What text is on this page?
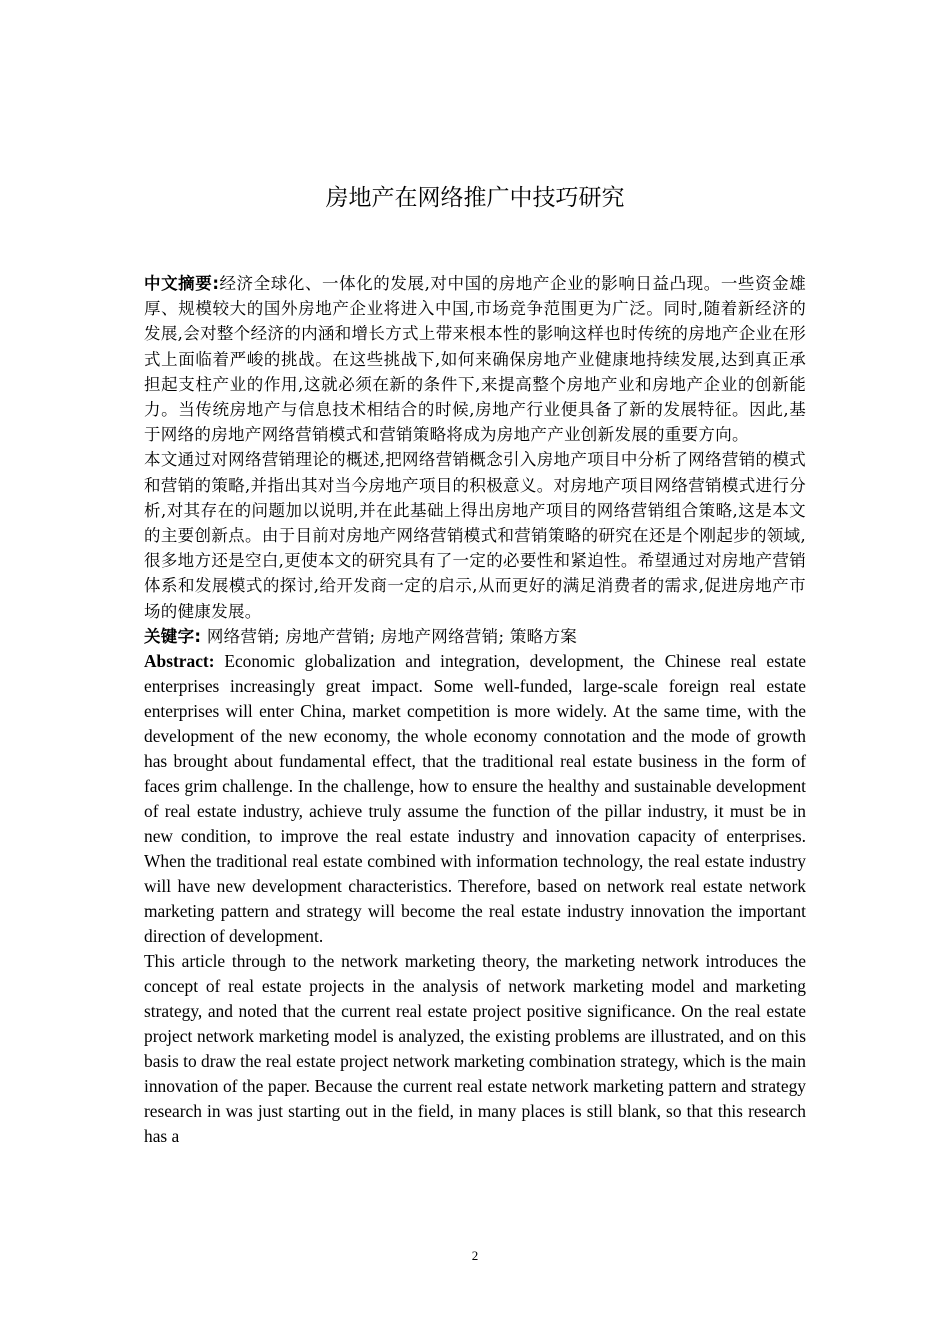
房地产在网络推广中技巧研究

中文摘要:经济全球化、一体化的发展,对中国的房地产企业的影响日益凸现。一些资金雄厚、规模较大的国外房地产企业将进入中国,市场竞争范围更为广泛。同时,随着新经济的发展,会对整个经济的内涵和增长方式上带来根本性的影响这样也时传统的房地产企业在形式上面临着严峻的挑战。在这些挑战下,如何来确保房地产业健康地持续发展,达到真正承担起支柱产业的作用,这就必须在新的条件下,来提高整个房地产业和房地产企业的创新能力。当传统房地产与信息技术相结合的时候,房地产行业便具备了新的发展特征。因此,基于网络的房地产网络营销模式和营销策略将成为房地产产业创新发展的重要方向。

本文通过对网络营销理论的概述,把网络营销概念引入房地产项目中分析了网络营销的模式和营销的策略,并指出其对当今房地产项目的积极意义。对房地产项目网络营销模式进行分析,对其存在的问题加以说明,并在此基础上得出房地产项目的网络营销组合策略,这是本文的主要创新点。由于目前对房地产网络营销模式和营销策略的研究在还是个刚起步的领域,很多地方还是空白,更使本文的研究具有了一定的必要性和紧迫性。希望通过对房地产营销体系和发展模式的探讨,给开发商一定的启示,从而更好的满足消费者的需求,促进房地产市场的健康发展。

关键字: 网络营销; 房地产营销; 房地产网络营销; 策略方案

Abstract: Economic globalization and integration, development, the Chinese real estate enterprises increasingly great impact. Some well-funded, large-scale foreign real estate enterprises will enter China, market competition is more widely. At the same time, with the development of the new economy, the whole economy connotation and the mode of growth has brought about fundamental effect, that the traditional real estate business in the form of faces grim challenge. In the challenge, how to ensure the healthy and sustainable development of real estate industry, achieve truly assume the function of the pillar industry, it must be in new condition, to improve the real estate industry and innovation capacity of enterprises. When the traditional real estate combined with information technology, the real estate industry will have new development characteristics. Therefore, based on network real estate network marketing pattern and strategy will become the real estate industry innovation the important direction of development.

This article through to the network marketing theory, the marketing network introduces the concept of real estate projects in the analysis of network marketing model and marketing strategy, and noted that the current real estate project positive significance. On the real estate project network marketing model is analyzed, the existing problems are illustrated, and on this basis to draw the real estate project network marketing combination strategy, which is the main innovation of the paper. Because the current real estate network marketing pattern and strategy research in was just starting out in the field, in many places is still blank, so that this research has a

2
